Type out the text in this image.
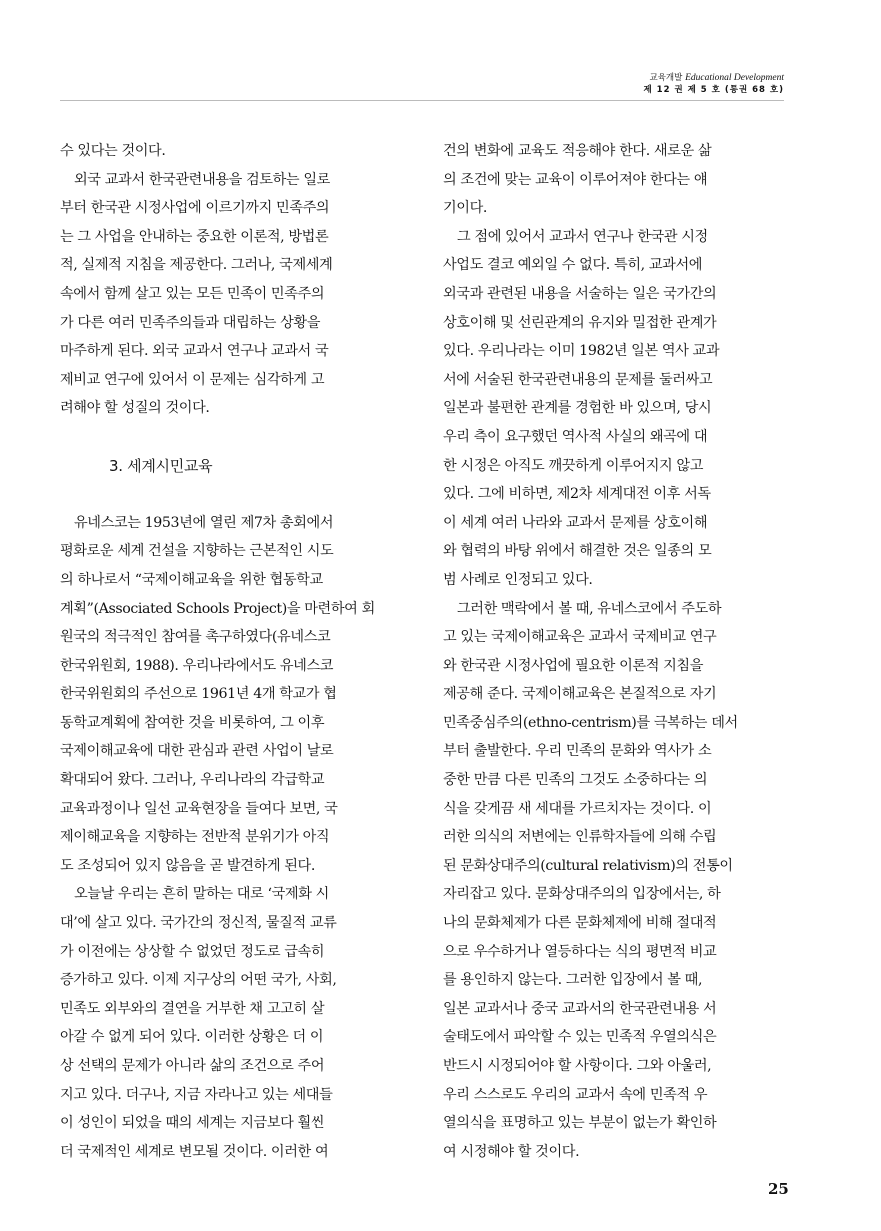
교육개발 Educational Development
제 12 권 제 5 호 (통권 68 호)

수 있다는 것이다.

외국 교과서 한국관련내용을 검토하는 일로

부터 한국관 시정사업에 이르기까지 민족주의

는 그 사업을 안내하는 중요한 이론적, 방법론

적, 실제적 지침을 제공한다. 그러나, 국제세계

속에서 함께 살고 있는 모든 민족이 민족주의

가 다른 여러 민족주의들과 대립하는 상황을

마주하게 된다. 외국 교과서 연구나 교과서 국

제비교 연구에 있어서 이 문제는 심각하게 고

려해야 할 성질의 것이다.

3. 세계시민교육

유네스코는 1953년에 열린 제7차 총회에서

평화로운 세계 건설을 지향하는 근본적인 시도

의 하나로서 “국제이해교육을 위한 협동학교

계획”(Associated Schools Project)을 마련하여 회

원국의 적극적인 참여를 촉구하였다(유네스코

한국위원회, 1988). 우리나라에서도 유네스코

한국위원회의 주선으로 1961년 4개 학교가 협

동학교계획에 참여한 것을 비롯하여, 그 이후

국제이해교육에 대한 관심과 관련 사업이 날로

확대되어 왔다. 그러나, 우리나라의 각급학교

교육과정이나 일선 교육현장을 들여다 보면, 국

제이해교육을 지향하는 전반적 분위기가 아직

도 조성되어 있지 않음을 곧 발견하게 된다.

오늘날 우리는 흔히 말하는 대로 ‘국제화 시

대’에 살고 있다. 국가간의 정신적, 물질적 교류

가 이전에는 상상할 수 없었던 정도로 급속히

증가하고 있다. 이제 지구상의 어떤 국가, 사회,

민족도 외부와의 결연을 거부한 채 고고히 살

아갈 수 없게 되어 있다. 이러한 상황은 더 이

상 선택의 문제가 아니라 삶의 조건으로 주어

지고 있다. 더구나, 지금 자라나고 있는 세대들

이 성인이 되었을 때의 세계는 지금보다 훨씬

더 국제적인 세계로 변모될 것이다. 이러한 여

건의 변화에 교육도 적응해야 한다. 새로운 삶

의 조건에 맞는 교육이 이루어져야 한다는 얘

기이다.

그 점에 있어서 교과서 연구나 한국관 시정

사업도 결코 예외일 수 없다. 특히, 교과서에

외국과 관련된 내용을 서술하는 일은 국가간의

상호이해 및 선린관계의 유지와 밀접한 관계가

있다. 우리나라는 이미 1982년 일본 역사 교과

서에 서술된 한국관련내용의 문제를 둘러싸고

일본과 불편한 관계를 경험한 바 있으며, 당시

우리 측이 요구했던 역사적 사실의 왜곡에 대

한 시정은 아직도 깨끗하게 이루어지지 않고

있다. 그에 비하면, 제2차 세계대전 이후 서독

이 세계 여러 나라와 교과서 문제를 상호이해

와 협력의 바탕 위에서 해결한 것은 일종의 모

범 사례로 인정되고 있다.

그러한 맥락에서 볼 때, 유네스코에서 주도하

고 있는 국제이해교육은 교과서 국제비교 연구

와 한국관 시정사업에 필요한 이론적 지침을

제공해 준다. 국제이해교육은 본질적으로 자기

민족중심주의(ethno-centrism)를 극복하는 데서

부터 출발한다. 우리 민족의 문화와 역사가 소

중한 만큼 다른 민족의 그것도 소중하다는 의

식을 갖게끔 새 세대를 가르치자는 것이다. 이

러한 의식의 저변에는 인류학자들에 의해 수립

된 문화상대주의(cultural relativism)의 전통이

자리잡고 있다. 문화상대주의의 입장에서는, 하

나의 문화체제가 다른 문화체제에 비해 절대적

으로 우수하거나 열등하다는 식의 평면적 비교

를 용인하지 않는다. 그러한 입장에서 볼 때,

일본 교과서나 중국 교과서의 한국관련내용 서

술태도에서 파악할 수 있는 민족적 우열의식은

반드시 시정되어야 할 사항이다. 그와 아울러,

우리 스스로도 우리의 교과서 속에 민족적 우

열의식을 표명하고 있는 부분이 없는가 확인하

여 시정해야 할 것이다.

25
